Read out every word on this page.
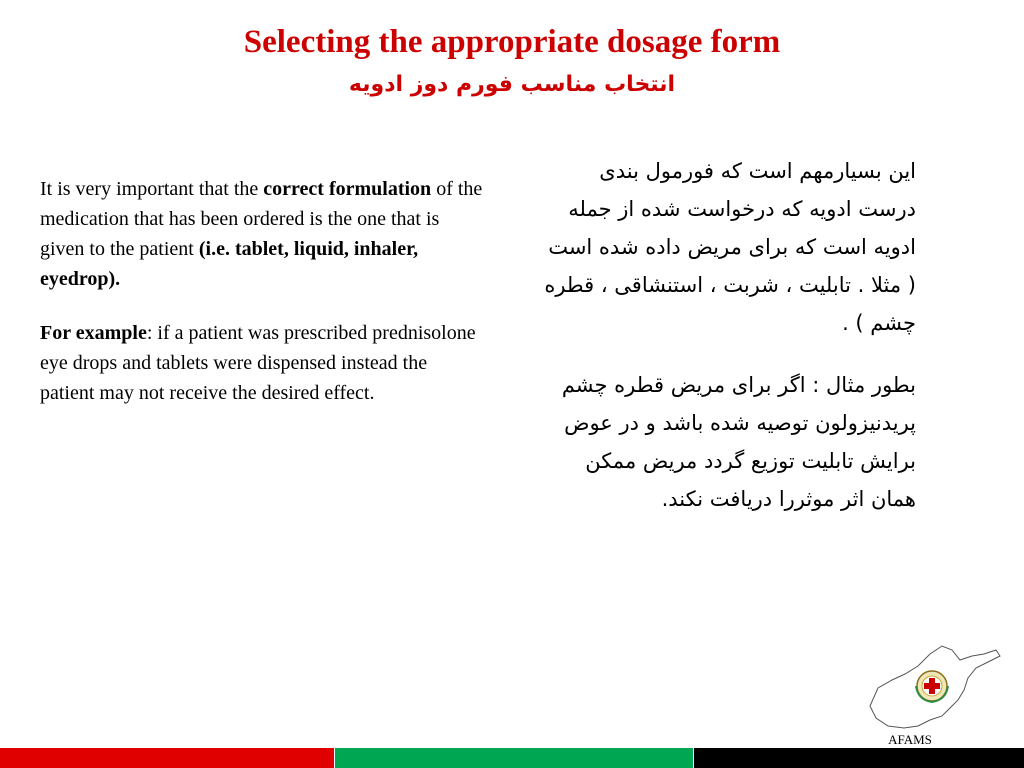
Selecting the appropriate dosage form
انتخاب مناسب فورم دوز ادویه

It is very important that the correct formulation of the medication that has been ordered is the one that is given to the patient (i.e. tablet, liquid, inhaler, eyedrop).

For example: if a patient was prescribed prednisolone eye drops and tablets were dispensed instead the patient may not receive the desired effect.

این بسیارمهم است که فورمول بندی درست ادویه که درخواست شده از جمله ادویه است که برای مریض داده شده است ( مثلا . تابلیت ، شربت ، استنشاقی ، قطره چشم ) .

بطور مثال : اگر برای مریض قطره چشم پریدنیزولون توصیه شده باشد و در عوض برایش تابلیت توزیع گردد مریض ممکن همان اثر موثررا دریافت نکند.

AFAMS
